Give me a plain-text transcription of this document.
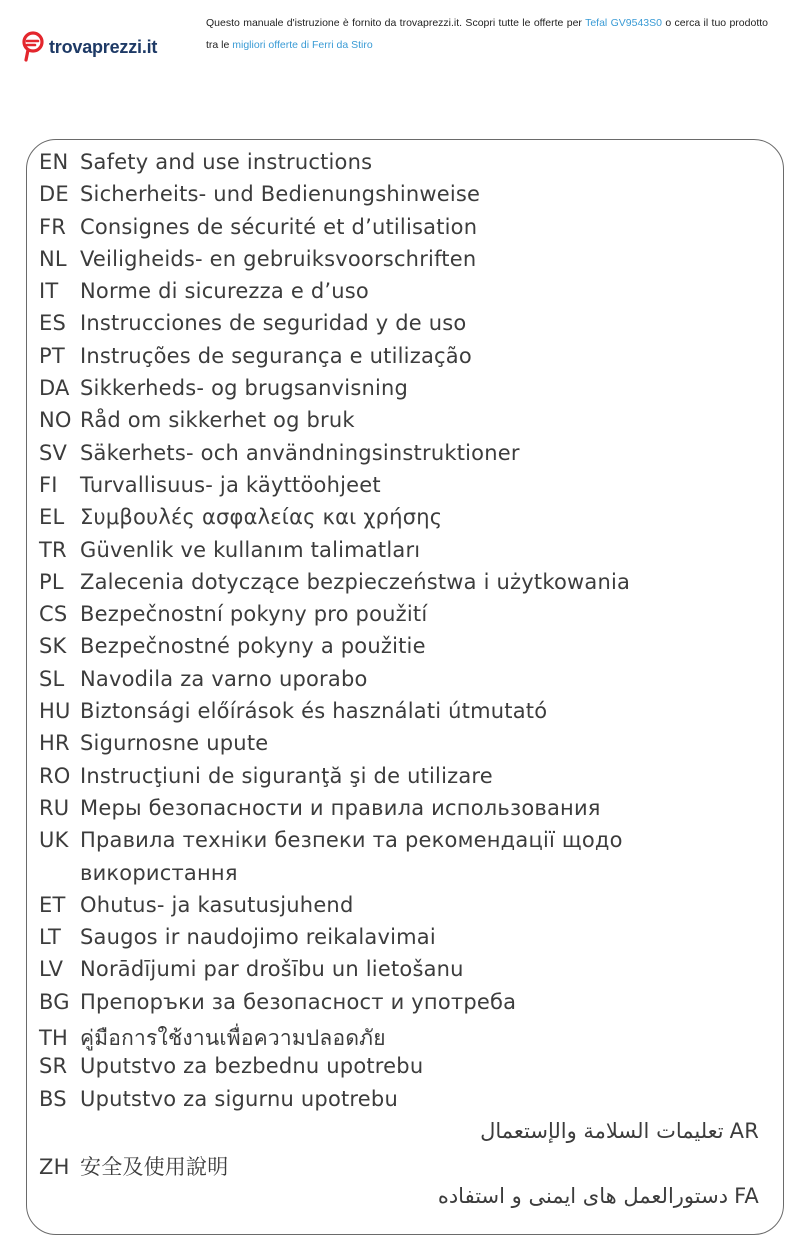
trovaprezzi.it
Questo manuale d'istruzione è fornito da trovaprezzi.it. Scopri tutte le offerte per Tefal GV9543S0 o cerca il tuo prodotto tra le migliori offerte di Ferri da Stiro
EN Safety and use instructions
DE Sicherheits- und Bedienungshinweise
FR Consignes de sécurité et d’utilisation
NL Veiligheids- en gebruiksvoorschriften
IT	Norme di sicurezza e d’uso
ES Instrucciones de seguridad y de uso
PT Instruções de segurança e utilização
DA Sikkerheds- og brugsanvisning
NO Råd om sikkerhet og bruk
SV Säkerhets- och användningsinstruktioner
FI	Turvallisuus- ja käyttöohjeet
EL Συμβουλές ασφαλείας και χρήσης
TR Güvenlik ve kullanım talimatları
PL Zalecenia dotyczące bezpieczeństwa i użytkowania
CS Bezpečnostní pokyny pro použití
SK Bezpečnostné pokyny a použitie
SL Navodila za varno uporabo
HU Biztonsági előírások és használati útmutató
HR Sigurnosne upute
RO Instrucţiuni de siguranţă şi de utilizare
RU Меры безопасности и правила использования
UK Правила техніки безпеки та рекомендації щодо
використання
ET Ohutus- ja kasutusjuhend
LT Saugos ir naudojimo reikalavimai
LV Norādījumi par drošību un lietošanu
BG Препоръки за безопасност и употреба
TH คู่มือการใช้งานเพื่อความปลอดภัย
SR Uputstvo za bezbednu upotrebu
BS Uputstvo za sigurnu upotrebu
تعليمات السلامة والإستعمال AR
ZH 安全及使用說明
دستورالعمل های ایمنی و استفاده FA
